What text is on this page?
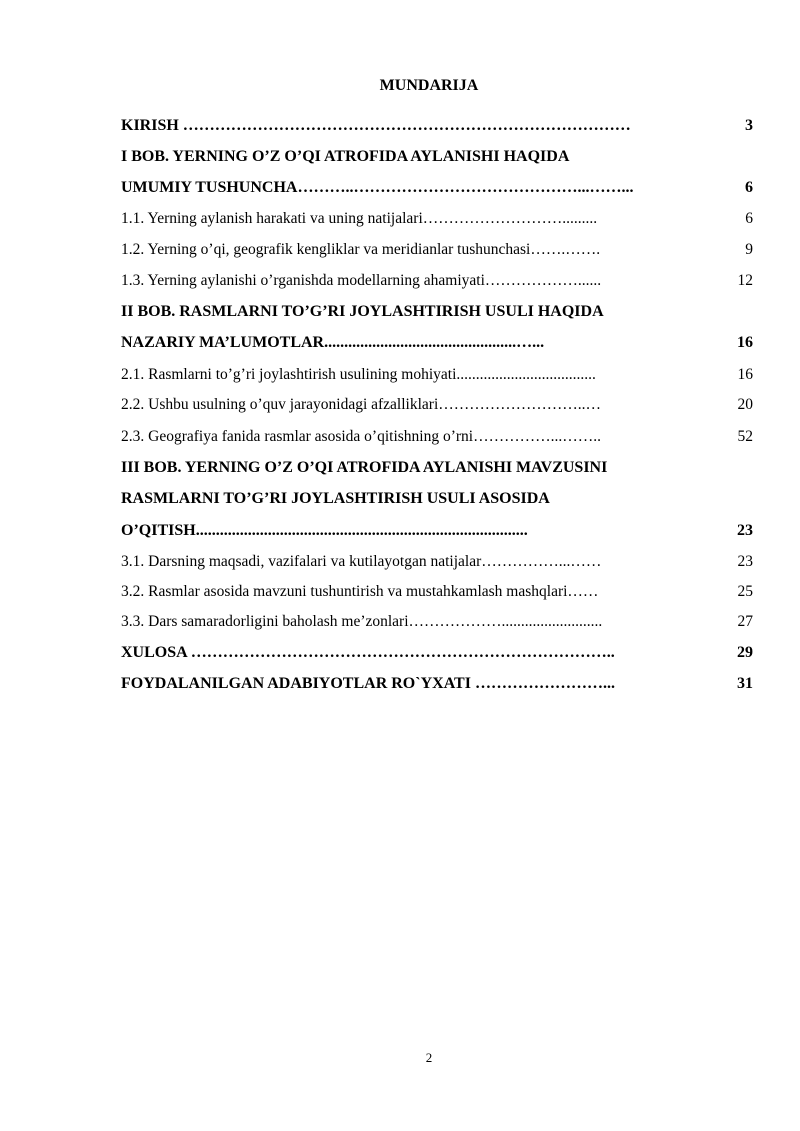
MUNDARIJA
KIRISH …………………………………………………………………………	3
I BOB. YERNING O’Z O’QI ATROFIDA AYLANISHI HAQIDA
UMUMIY TUSHUNCHA………..……………………………………...……...	6
1.1. Yerning aylanish harakati va uning natijalari……………………….........	6
1.2. Yerning o’qi, geografik kengliklar va meridianlar tushunchasi…….…….	9
1.3. Yerning aylanishi o’rganishda modellarning ahamiyati………………......	12
II BOB. RASMLARNI TO’G’RI JOYLASHTIRISH USULI HAQIDA
NAZARIY MA’LUMOTLAR................................................…...	16
2.1. Rasmlarni to’g’ri joylashtirish usulining mohiyati....................................	16
2.2. Ushbu usulning o’quv jarayonidagi afzalliklari………………………..…	20
2.3. Geografiya fanida rasmlar asosida o’qitishning o’rni……………...……..	52
III BOB. YERNING O’Z O’QI ATROFIDA AYLANISHI MAVZUSINI
RASMLARNI TO’G’RI JOYLASHTIRISH USULI ASOSIDA
O’QITISH...................................................................................	23
3.1. Darsning maqsadi, vazifalari va kutilayotgan natijalar……………...……	23
3.2. Rasmlar asosida mavzuni tushuntirish va mustahkamlash mashqlari……	25
3.3. Dars samaradorligini baholash me’zonlari………………..........................	27
XULOSA ……………………………………………………………………..	29
FOYDALANILGAN ADABIYOTLAR RO`YXATI ……………………...	31
2
